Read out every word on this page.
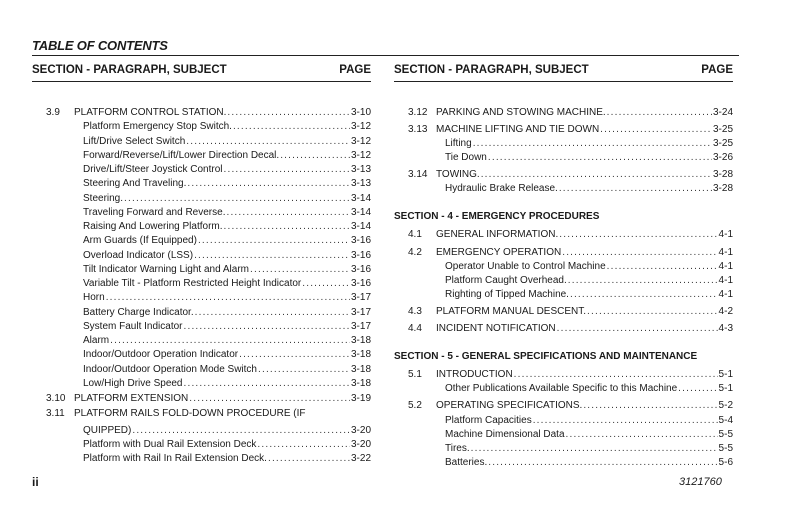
TABLE OF CONTENTS
SECTION - PARAGRAPH, SUBJECT	PAGE
3.9 PLATFORM CONTROL STATION. .....	3-10
Platform Emergency Stop Switch. .....	3-12
Lift/Drive Select Switch .....	3-12
Forward/Reverse/Lift/Lower Direction Decal. .....	3-12
Drive/Lift/Steer Joystick Control .....	3-13
Steering And Traveling. .....	3-13
Steering. .....	3-14
Traveling Forward and Reverse. .....	3-14
Raising And Lowering Platform. .....	3-14
Arm Guards (If Equipped) .....	3-16
Overload Indicator (LSS) .....	3-16
Tilt Indicator Warning Light and Alarm .....	3-16
Variable Tilt - Platform Restricted Height Indicator .....	3-16
Horn .....	3-17
Battery Charge Indicator. .....	3-17
System Fault Indicator .....	3-17
Alarm .....	3-18
Indoor/Outdoor Operation Indicator .....	3-18
Indoor/Outdoor Operation Mode Switch .....	3-18
Low/High Drive Speed .....	3-18
3.10 PLATFORM EXTENSION .....	3-19
3.11 PLATFORM RAILS FOLD-DOWN PROCEDURE (IF
QUIPPED) .....	3-20
Platform with Dual Rail Extension Deck .....	3-20
Platform with Rail In Rail Extension Deck. .....	3-22
SECTION - PARAGRAPH, SUBJECT	PAGE
3.12 PARKING AND STOWING MACHINE. .....	3-24
3.13 MACHINE LIFTING AND TIE DOWN .....	3-25
Lifting .....	3-25
Tie Down .....	3-26
3.14 TOWING. .....	3-28
Hydraulic Brake Release. .....	3-28
SECTION - 4 - EMERGENCY PROCEDURES
4.1 GENERAL INFORMATION. .....	4-1
4.2 EMERGENCY OPERATION .....	4-1
Operator Unable to Control Machine .....	4-1
Platform Caught Overhead. .....	4-1
Righting of Tipped Machine. .....	4-1
4.3 PLATFORM MANUAL DESCENT. .....	4-2
4.4 INCIDENT NOTIFICATION .....	4-3
SECTION - 5 - GENERAL SPECIFICATIONS AND MAINTENANCE
5.1 INTRODUCTION .....	5-1
Other Publications Available Specific to this Machine .....	5-1
5.2 OPERATING SPECIFICATIONS. .....	5-2
Platform Capacities .....	5-4
Machine Dimensional Data .....	5-5
Tires. .....	5-5
Batteries. .....	5-6
ii	3121760
